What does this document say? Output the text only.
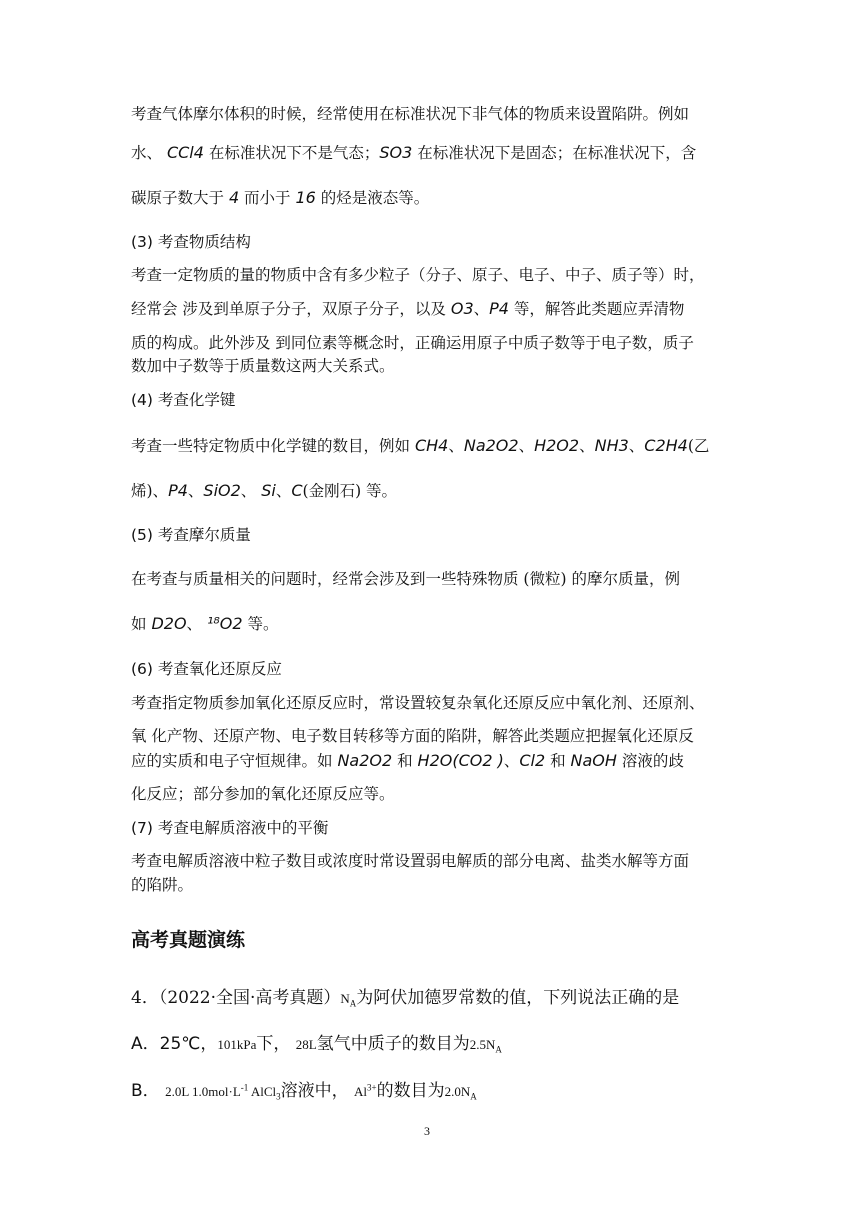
考查气体摩尔体积的时候，经常使用在标准状况下非气体的物质来设置陷阱。例如
水、 CCl4 在标准状况下不是气态；SO3 在标准状况下是固态；在标准状况下，含
碳原子数大于 4 而小于 16 的烃是液态等。
(3) 考查物质结构
考查一定物质的量的物质中含有多少粒子（分子、原子、电子、中子、质子等）时，
经常会 涉及到单原子分子，双原子分子，以及 O3、P4 等，解答此类题应弄清物
质的构成。此外涉及 到同位素等概念时，正确运用原子中质子数等于电子数，质子
数加中子数等于质量数这两大关系式。
(4) 考查化学键
考查一些特定物质中化学键的数目，例如 CH4、Na2O2、H2O2、NH3、C2H4(乙
烯)、P4、SiO2、 Si、C(金刚石) 等。
(5) 考查摩尔质量
在考查与质量相关的问题时，经常会涉及到一些特殊物质 (微粒) 的摩尔质量，例
如 D2O、 ¹⁸O2 等。
(6) 考查氧化还原反应
考查指定物质参加氧化还原反应时，常设置较复杂氧化还原反应中氧化剂、还原剂、
氧 化产物、还原产物、电子数目转移等方面的陷阱，解答此类题应把握氧化还原反
应的实质和电子守恒规律。如 Na2O2 和 H2O(CO2 )、Cl2 和 NaOH 溶液的歧
化反应；部分参加的氧化还原反应等。
(7) 考查电解质溶液中的平衡
考查电解质溶液中粒子数目或浓度时常设置弱电解质的部分电离、盐类水解等方面
的陷阱。
高考真题演练
4．（2022·全国·高考真题）$N_A$为阿伏加德罗常数的值，下列说法正确的是
A．25℃，101kPa下， 28L氢气中质子的数目为$2.5N_A$
B． 2.0L $1.0mol\cdot L^{-1}$ AlCl$_3$溶液中， $Al^{3+}$的数目为$2.0N_A$
3
